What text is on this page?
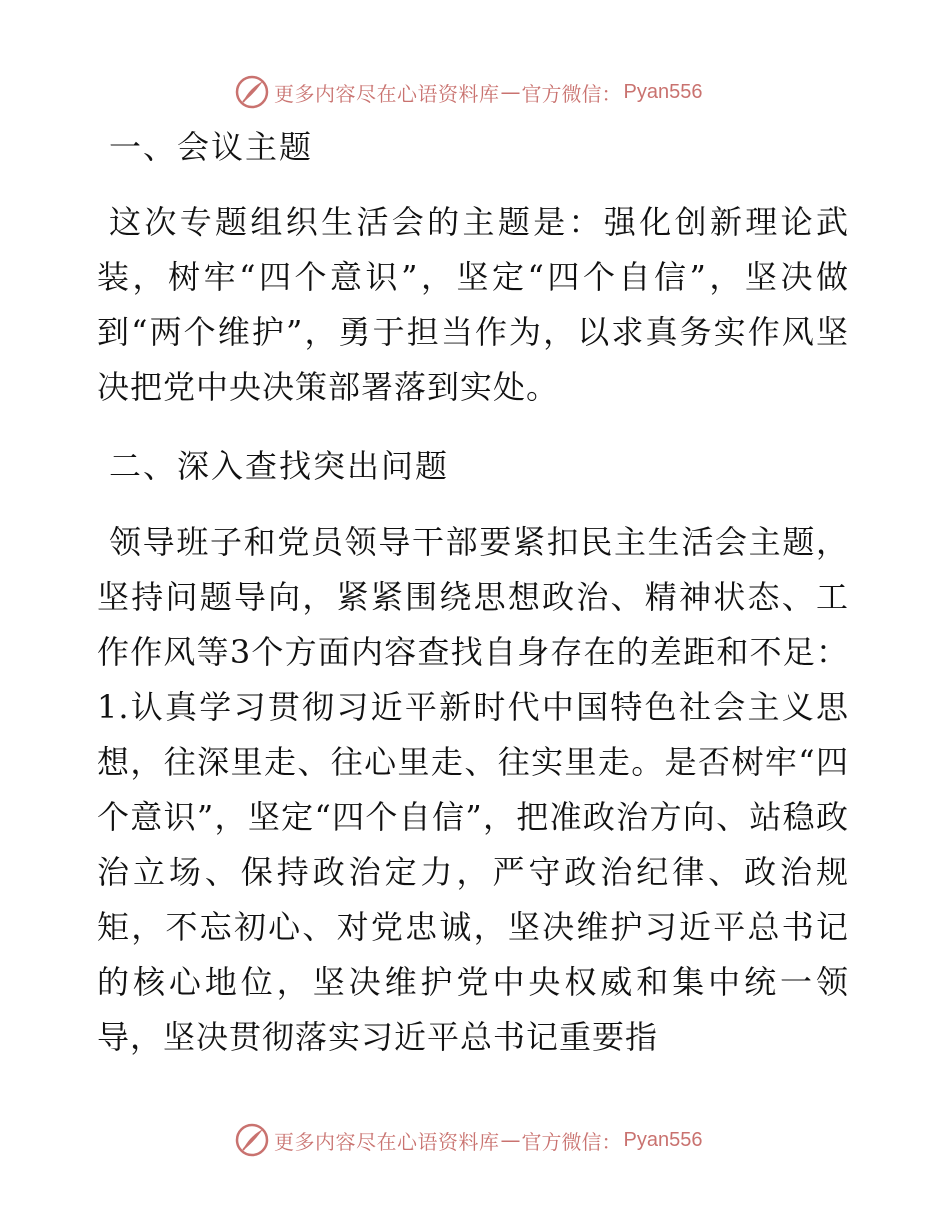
更多内容尽在心语资料库 — 官方微信： Pyan556
一、会议主题

这次专题组织生活会的主题是：强化创新理论武装，树牢“四个意识”，坚定“四个自信”，坚决做到“两个维护”，勇于担当作为，以求真务实作风坚决把党中央决策部署落到实处。

二、深入查找突出问题

领导班子和党员领导干部要紧扣民主生活会主题，坚持问题导向，紧紧围绕思想政治、精神状态、工作作风等3个方面内容查找自身存在的差距和不足：1.认真学习贯彻习近平新时代中国特色社会主义思想，往深里走、往心里走、往实里走。是否树牢“四个意识”，坚定“四个自信”，把准政治方向、站稳政治立场、保持政治定力，严守政治纪律、政治规矩，不忘初心、对党忠诚，坚决维护习近平总书记的核心地位，坚决维护党中央权威和集中统一领导，坚决贯彻落实习近平总书记重要指

更多内容尽在心语资料库 — 官方微信： Pyan556
